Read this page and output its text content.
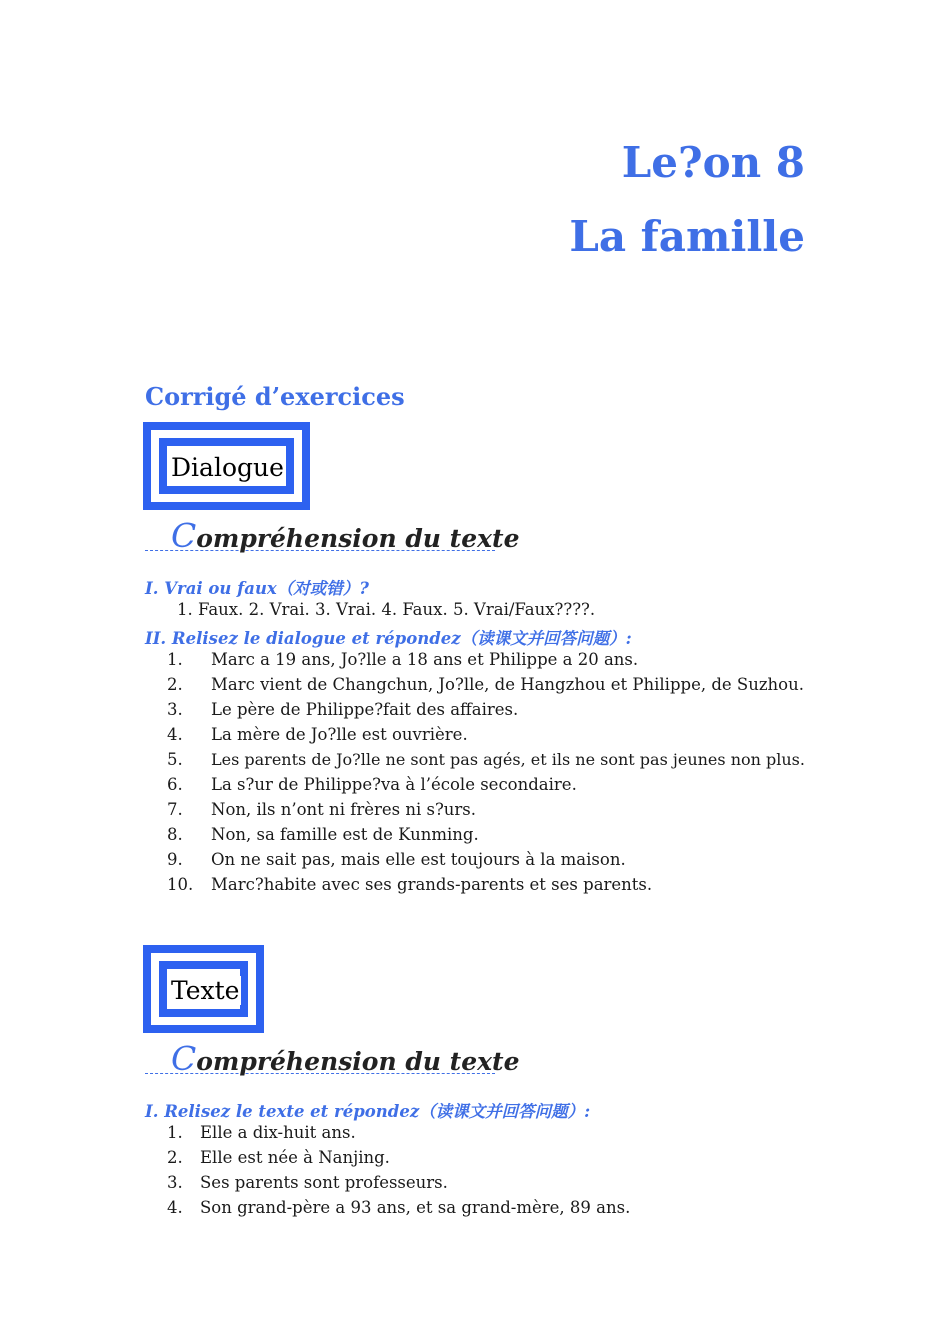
Le?on 8
La famille
Corrigé d’exercices
Dialogue
Compréhension du texte
I. Vrai ou faux（对或错）?
1. Faux. 2. Vrai. 3. Vrai. 4. Faux. 5. Vrai/Faux????.
II. Relisez le dialogue et répondez（读课文并回答问题）:
1. Marc a 19 ans, Jo?lle a 18 ans et Philippe a 20 ans.
2. Marc vient de Changchun, Jo?lle, de Hangzhou et Philippe, de Suzhou.
3. Le père de Philippe?fait des affaires.
4. La mère de Jo?lle est ouvrière.
5. Les parents de Jo?lle ne sont pas agés, et ils ne sont pas jeunes non plus.
6. La s?ur de Philippe?va à l’école secondaire.
7. Non, ils n’ont ni frères ni s?urs.
8. Non, sa famille est de Kunming.
9. On ne sait pas, mais elle est toujours à la maison.
10. Marc?habite avec ses grands-parents et ses parents.
Texte
Compréhension du texte
I. Relisez le texte et répondez（读课文并回答问题）:
1. Elle a dix-huit ans.
2. Elle est née à Nanjing.
3. Ses parents sont professeurs.
4. Son grand-père a 93 ans, et sa grand-mère, 89 ans.
